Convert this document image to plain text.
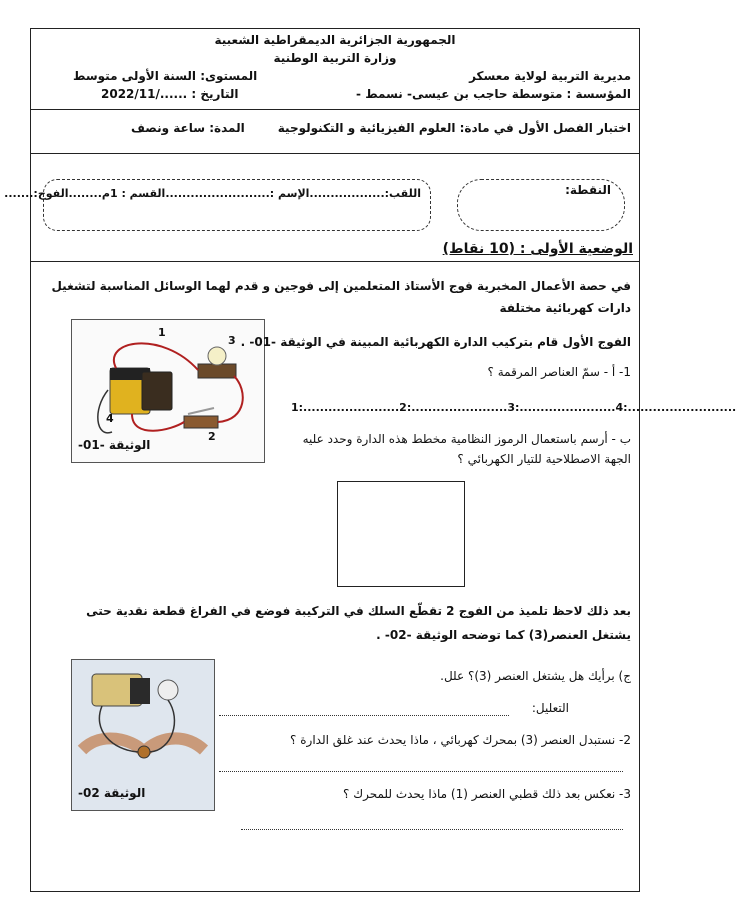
الجمهورية الجزائرية الديمقراطية الشعبية
وزارة التربية الوطنية
مديرية التربية لولاية معسكر
المستوى: السنة الأولى متوسط
المؤسسة : متوسطة حاجب بن عيسى- نسمط -
التاريخ : ....../2022/11
اختبار الفصل الأول في مادة: العلوم الفيزيائية و التكنولوجية
المدة: ساعة ونصف
النقطة:
اللقب:..................الإسم :.........................القسم : 1م........الفوج:.......
الوضعية الأولى : (10 نقاط)
في حصة الأعمال المخبرية فوج الأستاذ المتعلمين إلى فوجين و قدم لهما الوسائل المناسبة لتشغيل دارات كهربائية مختلفة
1
2
3
4
الوثيقة -01-
الفوج الأول قام بتركيب الدارة الكهربائية المبينة في الوثيقة -01- .
1- أ - سمّ العناصر المرقمة ؟
1:.......................2:.......................3:.......................4:..........................
ب - أرسم باستعمال الرموز النظامية مخطط هذه الدارة وحدد عليه الجهة الاصطلاحية للتيار الكهربائي ؟
بعد ذلك لاحظ تلميذ من الفوج 2 تقطّع السلك في التركيبة فوضع في الفراغ قطعة نقدية حتى يشتغل العنصر(3) كما توضحه الوثيقة -02- .
الوثيقة 02-
ج) برأيك هل يشتغل العنصر (3)؟ علل.
التعليل:
2- نستبدل العنصر (3) بمحرك كهربائي ، ماذا يحدث عند غلق الدارة ؟
3- نعكس بعد ذلك قطبي العنصر (1) ماذا يحدث للمحرك ؟
